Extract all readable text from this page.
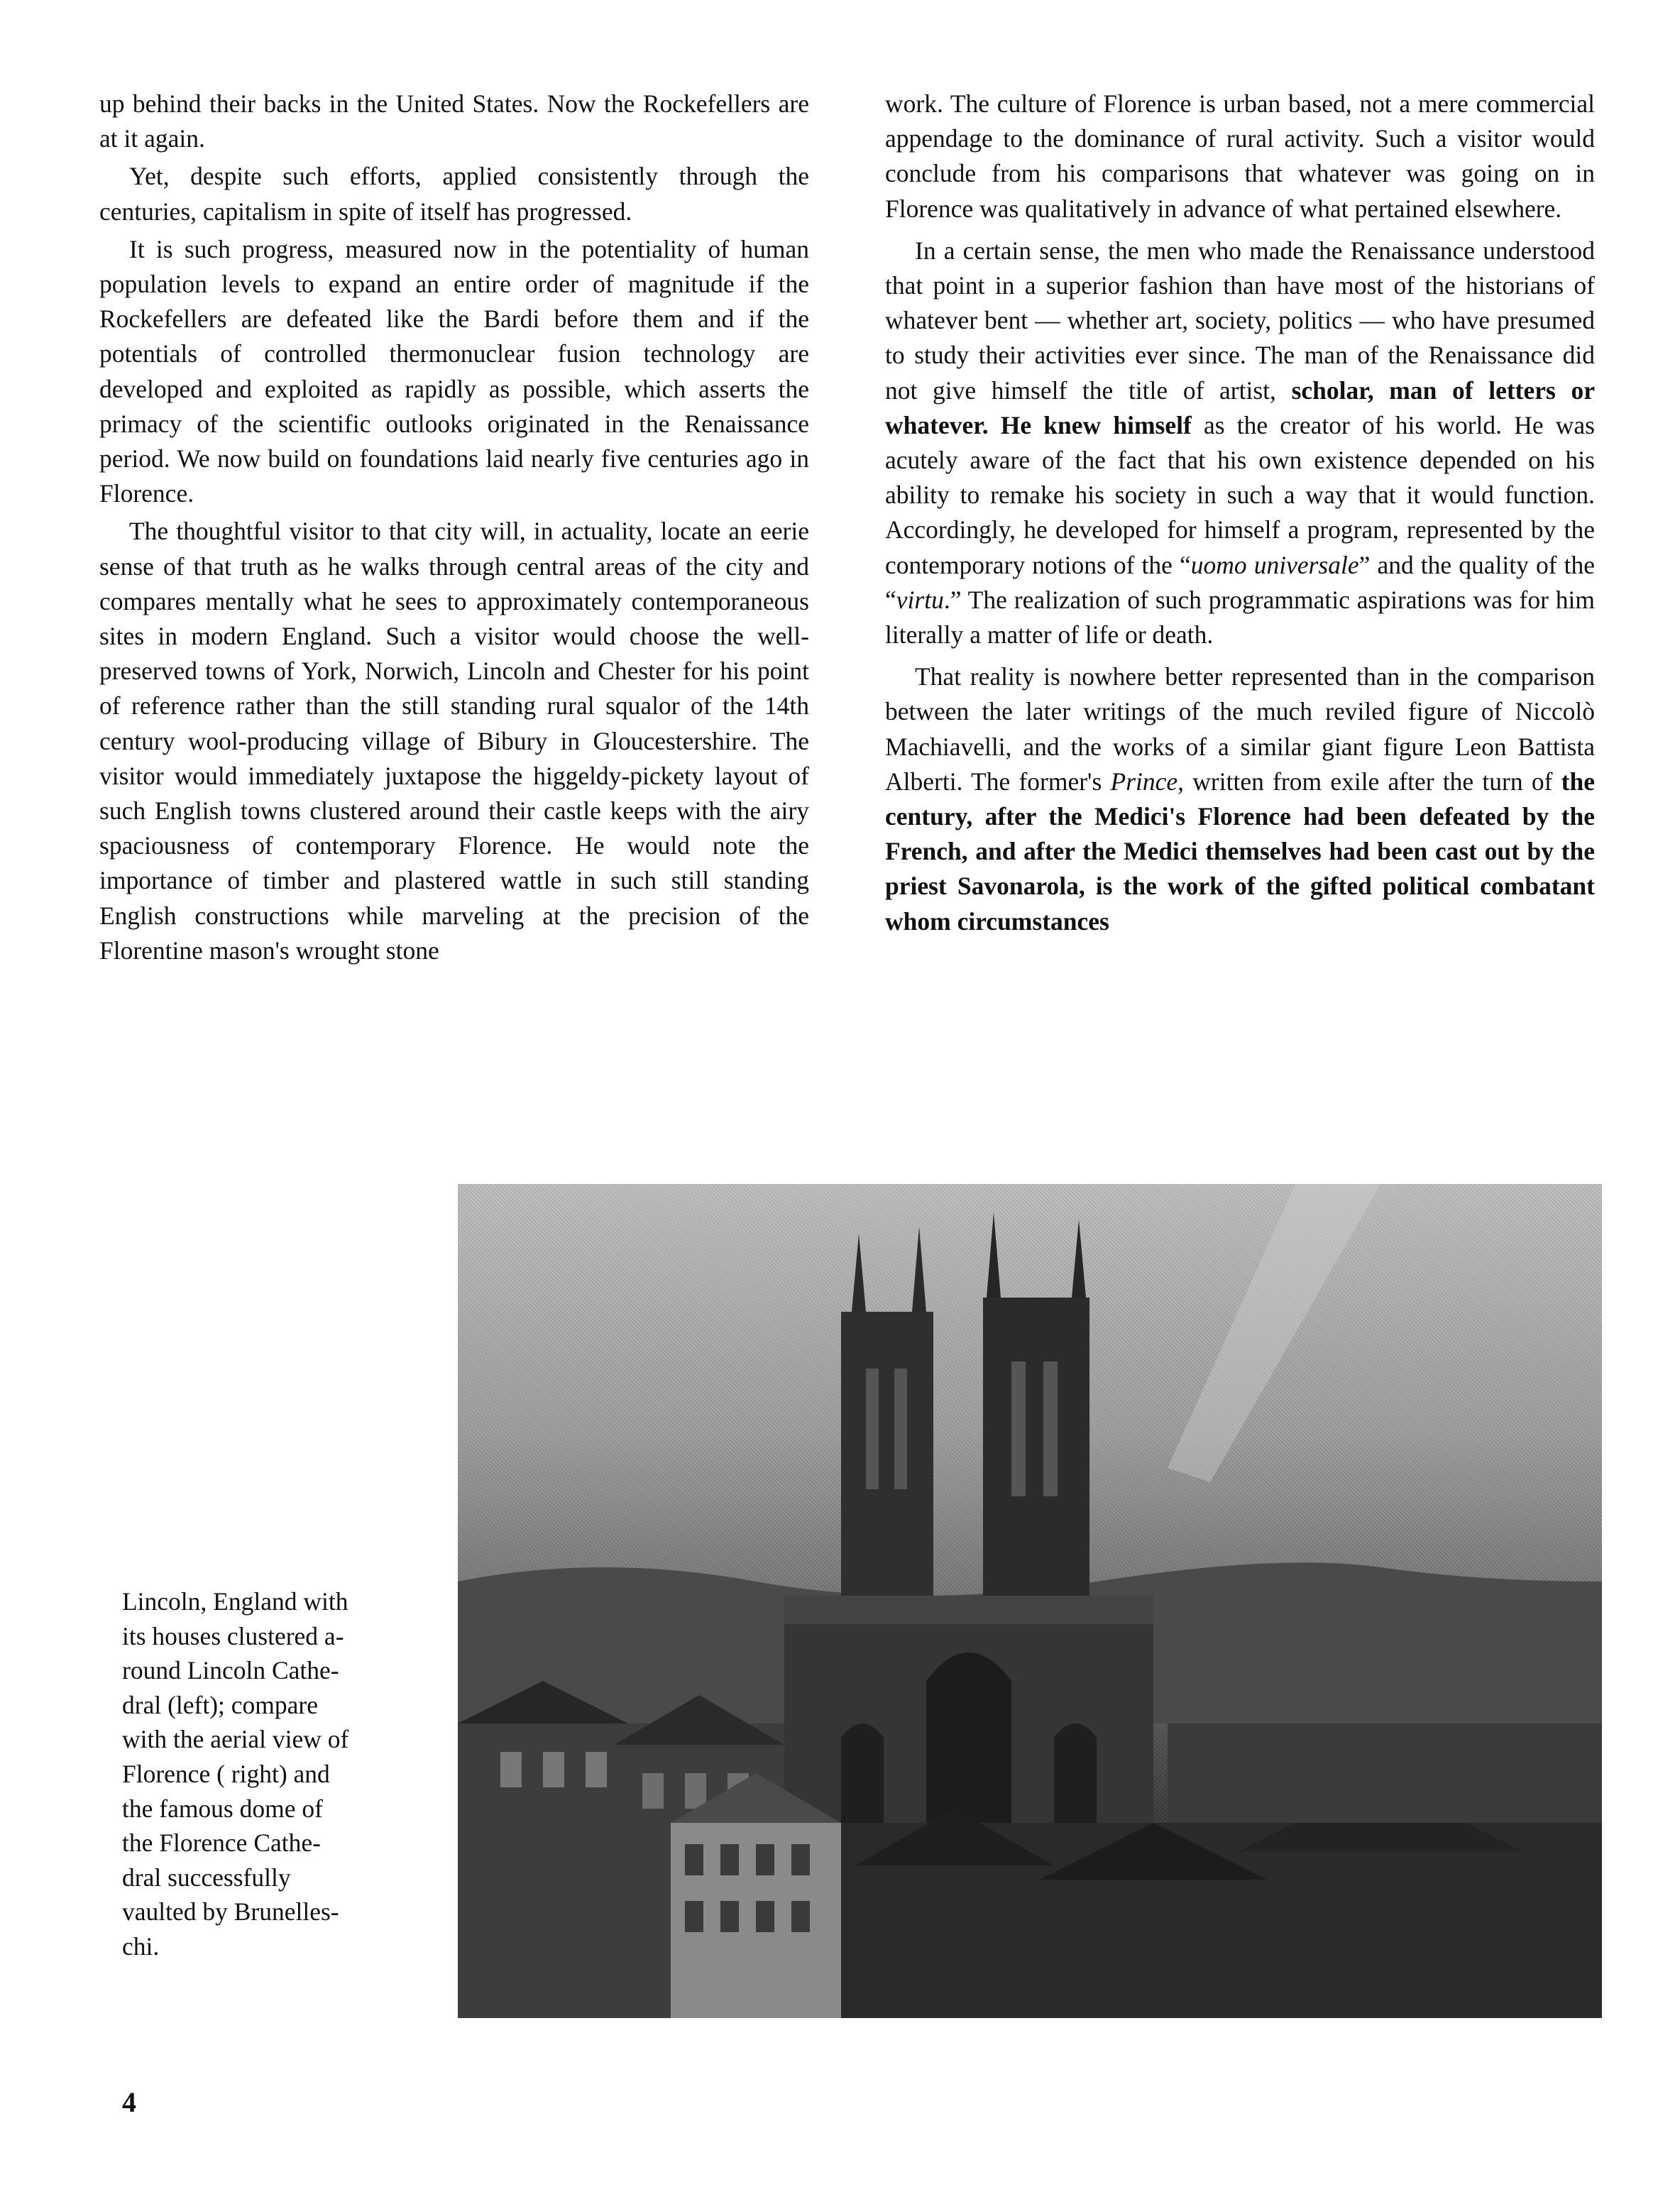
up behind their backs in the United States. Now the Rockefellers are at it again.

Yet, despite such efforts, applied consistently through the centuries, capitalism in spite of itself has progressed.

It is such progress, measured now in the potentiality of human population levels to expand an entire order of magnitude if the Rockefellers are defeated like the Bardi before them and if the potentials of controlled thermonuclear fusion technology are developed and exploited as rapidly as possible, which asserts the primacy of the scientific outlooks originated in the Renaissance period. We now build on foundations laid nearly five centuries ago in Florence.

The thoughtful visitor to that city will, in actuality, locate an eerie sense of that truth as he walks through central areas of the city and compares mentally what he sees to approximately contemporaneous sites in modern England. Such a visitor would choose the well-preserved towns of York, Norwich, Lincoln and Chester for his point of reference rather than the still standing rural squalor of the 14th century wool-producing village of Bibury in Gloucestershire. The visitor would immediately juxtapose the higgeldy-pickety layout of such English towns clustered around their castle keeps with the airy spaciousness of contemporary Florence. He would note the importance of timber and plastered wattle in such still standing English constructions while marveling at the precision of the Florentine mason's wrought stone

work. The culture of Florence is urban based, not a mere commercial appendage to the dominance of rural activity. Such a visitor would conclude from his comparisons that whatever was going on in Florence was qualitatively in advance of what pertained elsewhere.

In a certain sense, the men who made the Renaissance understood that point in a superior fashion than have most of the historians of whatever bent — whether art, society, politics — who have presumed to study their activities ever since. The man of the Renaissance did not give himself the title of artist, scholar, man of letters or whatever. He knew himself as the creator of his world. He was acutely aware of the fact that his own existence depended on his ability to remake his society in such a way that it would function. Accordingly, he developed for himself a program, represented by the contemporary notions of the “uomo universale” and the quality of the “virtu.” The realization of such programmatic aspirations was for him literally a matter of life or death.

That reality is nowhere better represented than in the comparison between the later writings of the much reviled figure of Niccolò Machiavelli, and the works of a similar giant figure Leon Battista Alberti. The former's Prince, written from exile after the turn of the century, after the Medici's Florence had been defeated by the French, and after the Medici themselves had been cast out by the priest Savonarola, is the work of the gifted political combatant whom circumstances

Lincoln, England with
its houses clustered a-
round Lincoln Cathe-
dral (left); compare
with the aerial view of
Florence ( right) and
the famous dome of
the Florence Cathe-
dral successfully
vaulted by Brunelles-
chi.
4
